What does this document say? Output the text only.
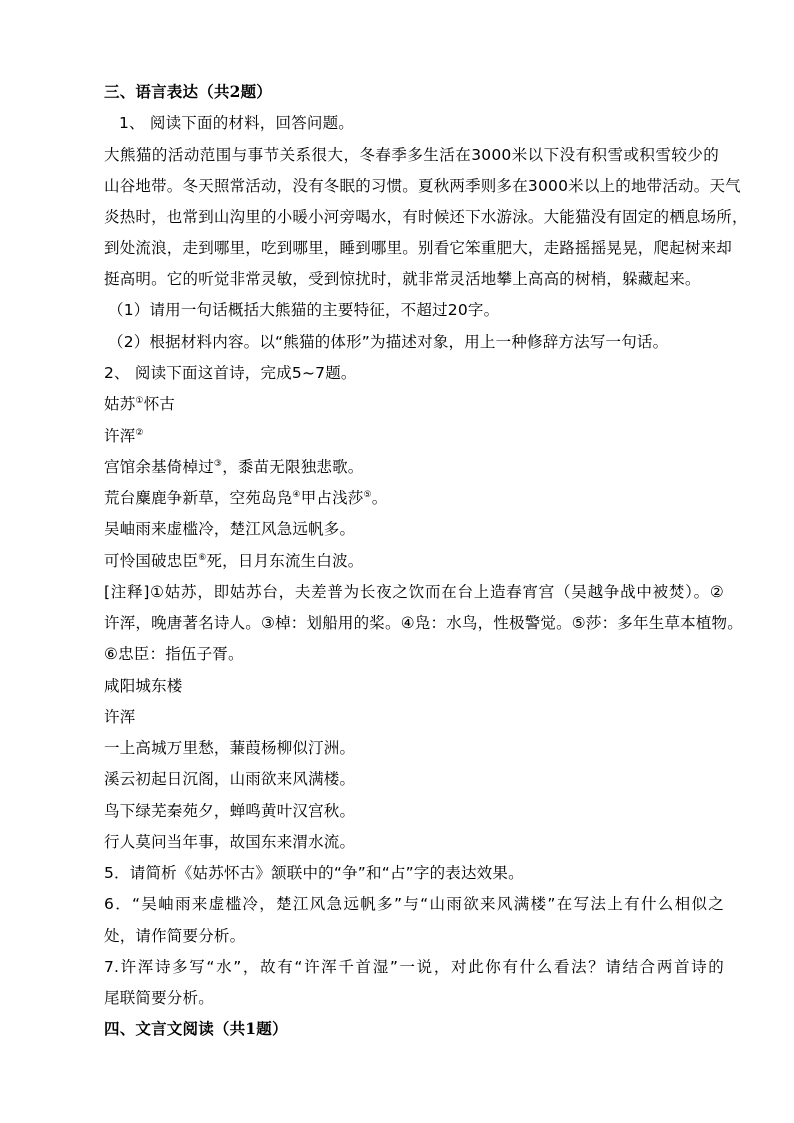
三、语言表达（共2题）
1、 阅读下面的材料，回答问题。
大熊猫的活动范围与事节关系很大，冬春季多生活在3000米以下没有积雪或积雪较少的
山谷地带。冬天照常活动，没有冬眠的习惯。夏秋两季则多在3000米以上的地带活动。天气
炎热时，也常到山沟里的小暖小河旁喝水，有时候还下水游泳。大能猫没有固定的栖息场所，
到处流浪，走到哪里，吃到哪里，睡到哪里。别看它笨重肥大，走路摇摇晃晃，爬起树来却
挺高明。它的听觉非常灵敏，受到惊扰时，就非常灵活地攀上高高的树梢，躲藏起来。
（1）请用一句话概括大熊猫的主要特征，不超过20字。
（2）根据材料内容。以“熊猫的体形”为描述对象，用上一种修辞方法写一句话。
2、 阅读下面这首诗，完成5~7题。
姑苏①怀古
许浑②
宫馆余基倚棹过③，黍苗无限独悲歌。
荒台麋鹿争新草，空苑岛凫④甲占浅莎⑤。
吴岫雨来虚槛冷，楚江风急远帆多。
可怜国破忠臣⑥死，日月东流生白波。
[注释]①姑苏，即姑苏台，夫差普为长夜之饮而在台上造春宵宫（吴越争战中被焚）。②
许浑，晚唐著名诗人。③棹：划船用的桨。④凫：水鸟，性极警觉。⑤莎：多年生草本植物。
⑥忠臣：指伍子胥。
咸阳城东楼
许浑
一上高城万里愁，蒹葭杨柳似汀洲。
溪云初起日沉阁，山雨欲来风满楼。
鸟下绿芜秦苑夕，蝉鸣黄叶汉宫秋。
行人莫问当年事，故国东来渭水流。
5．请简析《姑苏怀古》颔联中的“争”和“占”字的表达效果。
6．“吴岫雨来虚槛冷，楚江风急远帆多”与“山雨欲来风满楼”在写法上有什么相似之
处，请作简要分析。
7.许浑诗多写“水”，故有“许浑千首湿”一说，对此你有什么看法？请结合两首诗的
尾联简要分析。
四、文言文阅读（共1题）
